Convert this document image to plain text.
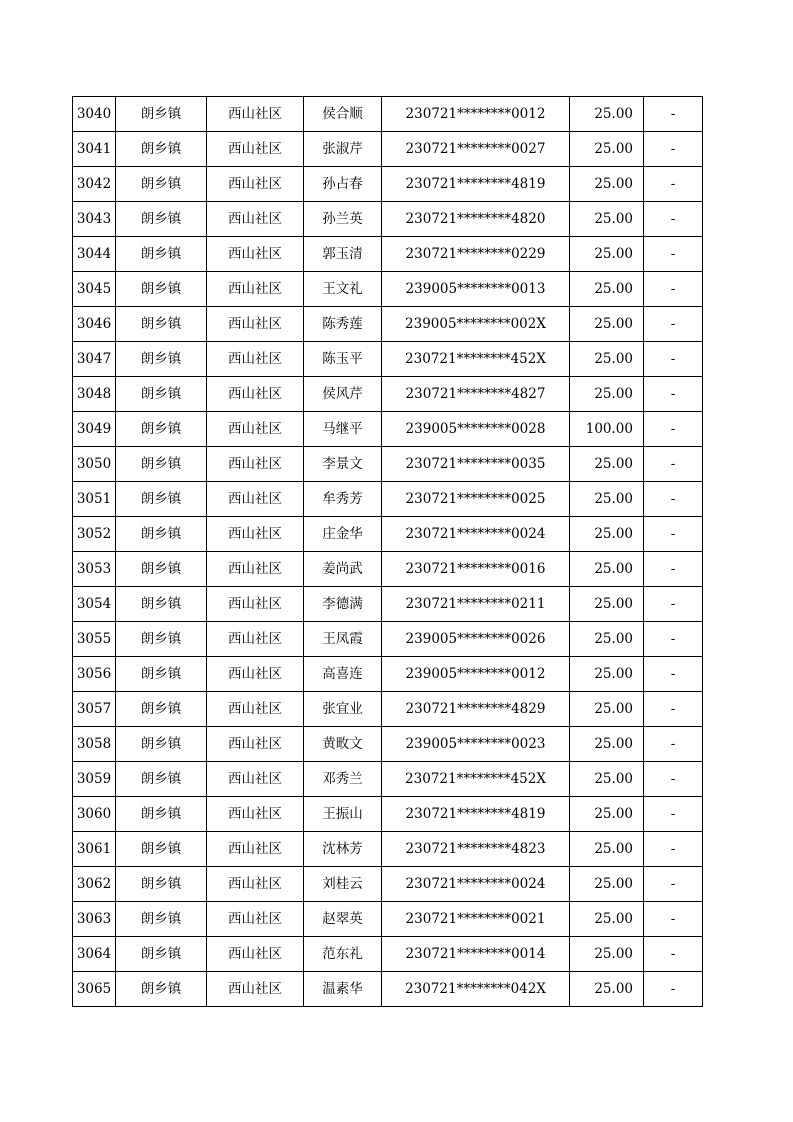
3040	朗乡镇	西山社区	侯合顺	230721********0012	25.00	-
3041	朗乡镇	西山社区	张淑芹	230721********0027	25.00	-
3042	朗乡镇	西山社区	孙占春	230721********4819	25.00	-
3043	朗乡镇	西山社区	孙兰英	230721********4820	25.00	-
3044	朗乡镇	西山社区	郭玉清	230721********0229	25.00	-
3045	朗乡镇	西山社区	王文礼	239005********0013	25.00	-
3046	朗乡镇	西山社区	陈秀莲	239005********002X	25.00	-
3047	朗乡镇	西山社区	陈玉平	230721********452X	25.00	-
3048	朗乡镇	西山社区	侯风芹	230721********4827	25.00	-
3049	朗乡镇	西山社区	马继平	239005********0028	100.00	-
3050	朗乡镇	西山社区	李景文	230721********0035	25.00	-
3051	朗乡镇	西山社区	牟秀芳	230721********0025	25.00	-
3052	朗乡镇	西山社区	庄金华	230721********0024	25.00	-
3053	朗乡镇	西山社区	姜尚武	230721********0016	25.00	-
3054	朗乡镇	西山社区	李德满	230721********0211	25.00	-
3055	朗乡镇	西山社区	王凤霞	239005********0026	25.00	-
3056	朗乡镇	西山社区	高喜连	239005********0012	25.00	-
3057	朗乡镇	西山社区	张宜业	230721********4829	25.00	-
3058	朗乡镇	西山社区	黄畋文	239005********0023	25.00	-
3059	朗乡镇	西山社区	邓秀兰	230721********452X	25.00	-
3060	朗乡镇	西山社区	王振山	230721********4819	25.00	-
3061	朗乡镇	西山社区	沈林芳	230721********4823	25.00	-
3062	朗乡镇	西山社区	刘桂云	230721********0024	25.00	-
3063	朗乡镇	西山社区	赵翠英	230721********0021	25.00	-
3064	朗乡镇	西山社区	范东礼	230721********0014	25.00	-
3065	朗乡镇	西山社区	温素华	230721********042X	25.00	-
